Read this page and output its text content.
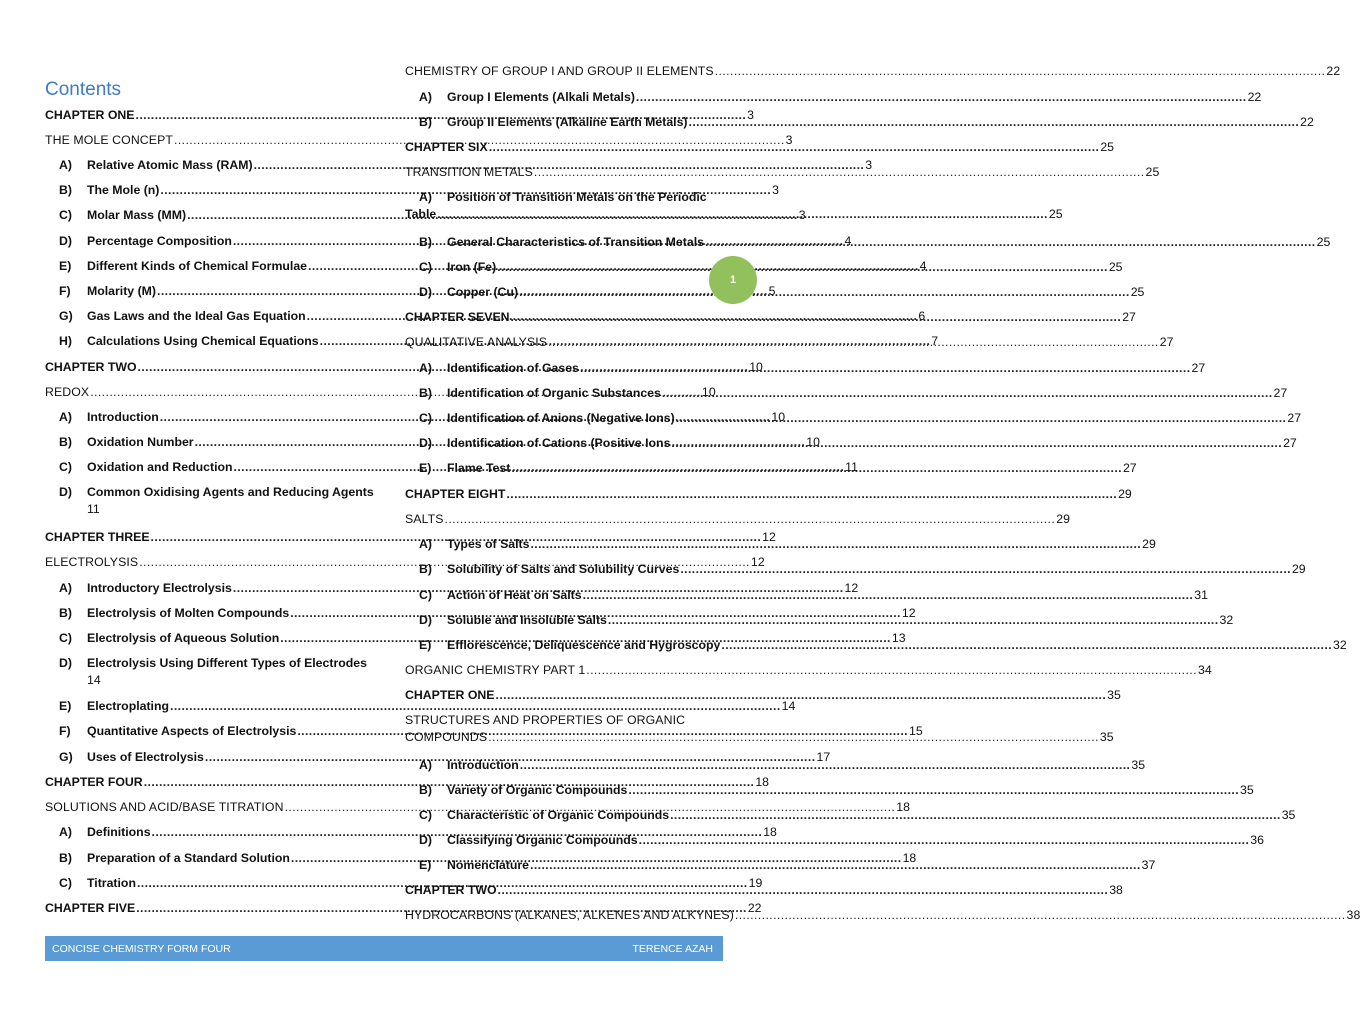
Contents
CHAPTER ONE .....	3
THE MOLE CONCEPT .....	3
A)	Relative Atomic Mass (RAM) .....	3
B)	The Mole (n) .....	3
C)	Molar Mass (MM) .....	3
D)	Percentage Composition .....	4
E)	Different Kinds of Chemical Formulae .....	4
F)	Molarity (M) .....	5
G)	Gas Laws and the Ideal Gas Equation .....	6
H)	Calculations Using Chemical Equations .....	7
CHAPTER TWO .....	10
REDOX .....	10
A)	Introduction .....	10
B)	Oxidation Number .....	10
C)	Oxidation and Reduction .....	11
D)	Common Oxidising Agents and Reducing Agents
11
CHAPTER THREE .....	12
ELECTROLYSIS .....	12
A)	Introductory Electrolysis .....	12
B)	Electrolysis of Molten Compounds .....	12
C)	Electrolysis of Aqueous Solution .....	13
D)	Electrolysis Using Different Types of Electrodes
14
E)	Electroplating .....	14
F)	Quantitative Aspects of Electrolysis .....	15
G)	Uses of Electrolysis .....	17
CHAPTER FOUR .....	18
SOLUTIONS AND ACID/BASE TITRATION .....	18
A)	Definitions .....	18
B)	Preparation of a Standard Solution .....	18
C)	Titration .....	19
CHAPTER FIVE .....	22
CHEMISTRY OF GROUP I AND GROUP II ELEMENTS .....	22
A)	Group I Elements (Alkali Metals) .....	22
B)	Group II Elements (Alkaline Earth Metals) .....	22
CHAPTER SIX .....	25
TRANSITION METALS .....	25
A)	Position of Transition Metals on the Periodic
Table .....	25
B)	General Characteristics of Transition Metals .....	25
C)	Iron (Fe) .....	25
D)	Copper (Cu) .....	25
CHAPTER SEVEN .....	27
QUALITATIVE ANALYSIS .....	27
A)	Identification of Gases .....	27
B)	Identification of Organic Substances .....	27
C)	Identification of Anions (Negative Ions) .....	27
D)	Identification of Cations (Positive Ions .....	27
E)	Flame Test .....	27
CHAPTER EIGHT .....	29
SALTS .....	29
A)	Types of Salts .....	29
B)	Solubility of Salts and Solubility Curves .....	29
C)	Action of Heat on Salts .....	31
D)	Soluble and Insoluble Salts .....	32
E)	Efflorescence, Deliquescence and Hygroscopy .....	32
ORGANIC CHEMISTRY PART 1 .....	34
CHAPTER ONE .....	35
STRUCTURES AND PROPERTIES OF ORGANIC
COMPOUNDS .....	35
A)	Introduction .....	35
B)	Variety of Organic Compounds .....	35
C)	Characteristic of Organic Compounds .....	35
D)	Classifying Organic Compounds .....	36
E)	Nomenclature .....	37
CHAPTER TWO .....	38
HYDROCARBONS (ALKANES, ALKENES AND ALKYNES) .....	38
1
CONCISE CHEMISTRY FORM FOUR	TERENCE AZAH
